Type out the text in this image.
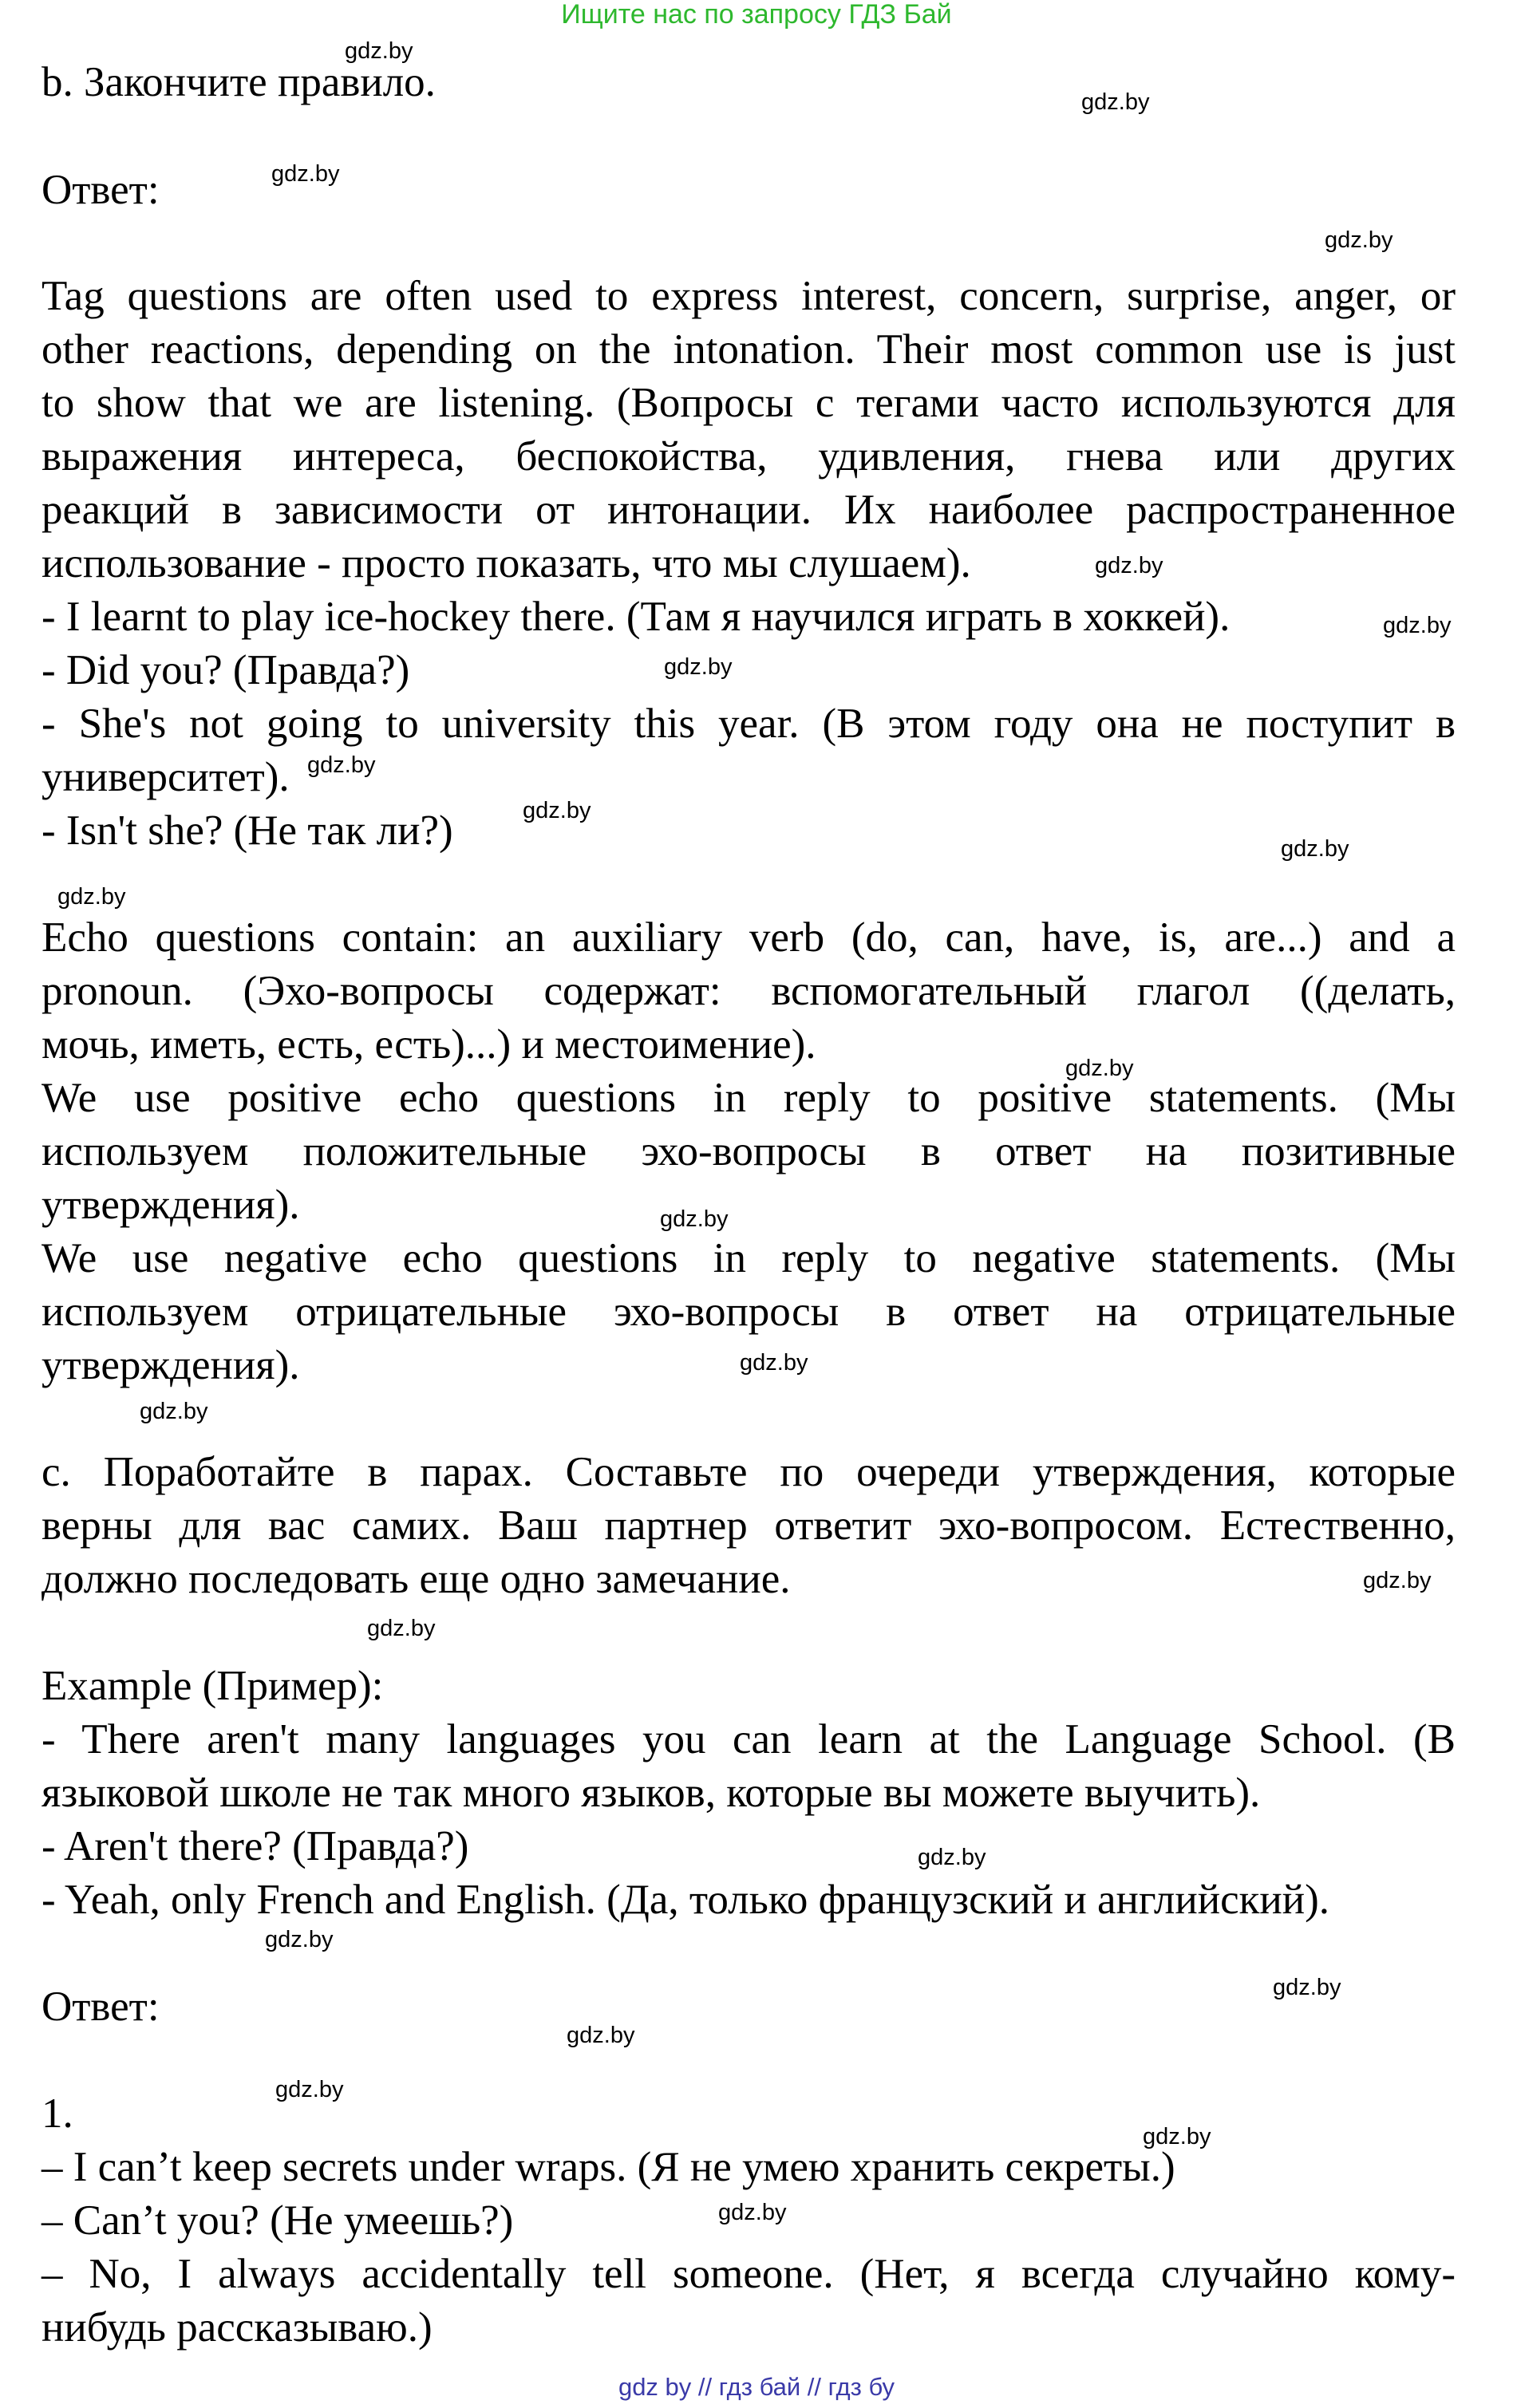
Ищите нас по запросу ГДЗ Бай
b. Закончите правило.
Ответ:
Tag questions are often used to express interest, concern, surprise, anger, or
other reactions, depending on the intonation. Their most common use is just
to show that we are listening. (Вопросы с тегами часто используются для
выражения интереса, беспокойства, удивления, гнева или других
реакций в зависимости от интонации. Их наиболее распространенное
использование - просто показать, что мы слушаем).
- I learnt to play ice-hockey there. (Там я научился играть в хоккей).
- Did you? (Правда?)
- She's not going to university this year. (В этом году она не поступит в
университет).
- Isn't she? (Не так ли?)
Echo questions contain: an auxiliary verb (do, can, have, is, are...) and a
pronoun. (Эхо-вопросы содержат: вспомогательный глагол ((делать,
мочь, иметь, есть, есть)...) и местоимение).
We use positive echo questions in reply to positive statements. (Мы
используем положительные эхо-вопросы в ответ на позитивные
утверждения).
We use negative echo questions in reply to negative statements. (Мы
используем отрицательные эхо-вопросы в ответ на отрицательные
утверждения).
c. Поработайте в парах. Составьте по очереди утверждения, которые
верны для вас самих. Ваш партнер ответит эхо-вопросом. Естественно,
должно последовать еще одно замечание.
Example (Пример):
- There aren't many languages you can learn at the Language School. (В
языковой школе не так много языков, которые вы можете выучить).
- Aren't there? (Правда?)
- Yeah, only French and English. (Да, только французский и английский).
Ответ:
1.
– I can’t keep secrets under wraps. (Я не умею хранить секреты.)
– Can’t you? (Не умеешь?)
– No, I always accidentally tell someone. (Нет, я всегда случайно кому-
нибудь рассказываю.)
gdz.by
gdz.by
gdz.by
gdz.by
gdz.by
gdz.by
gdz.by
gdz.by
gdz.by
gdz.by
gdz.by
gdz.by
gdz.by
gdz.by
gdz.by
gdz.by
gdz.by
gdz.by
gdz.by
gdz.by
gdz.by
gdz.by
gdz.by
gdz.by
gdz by // гдз бай // гдз бу
